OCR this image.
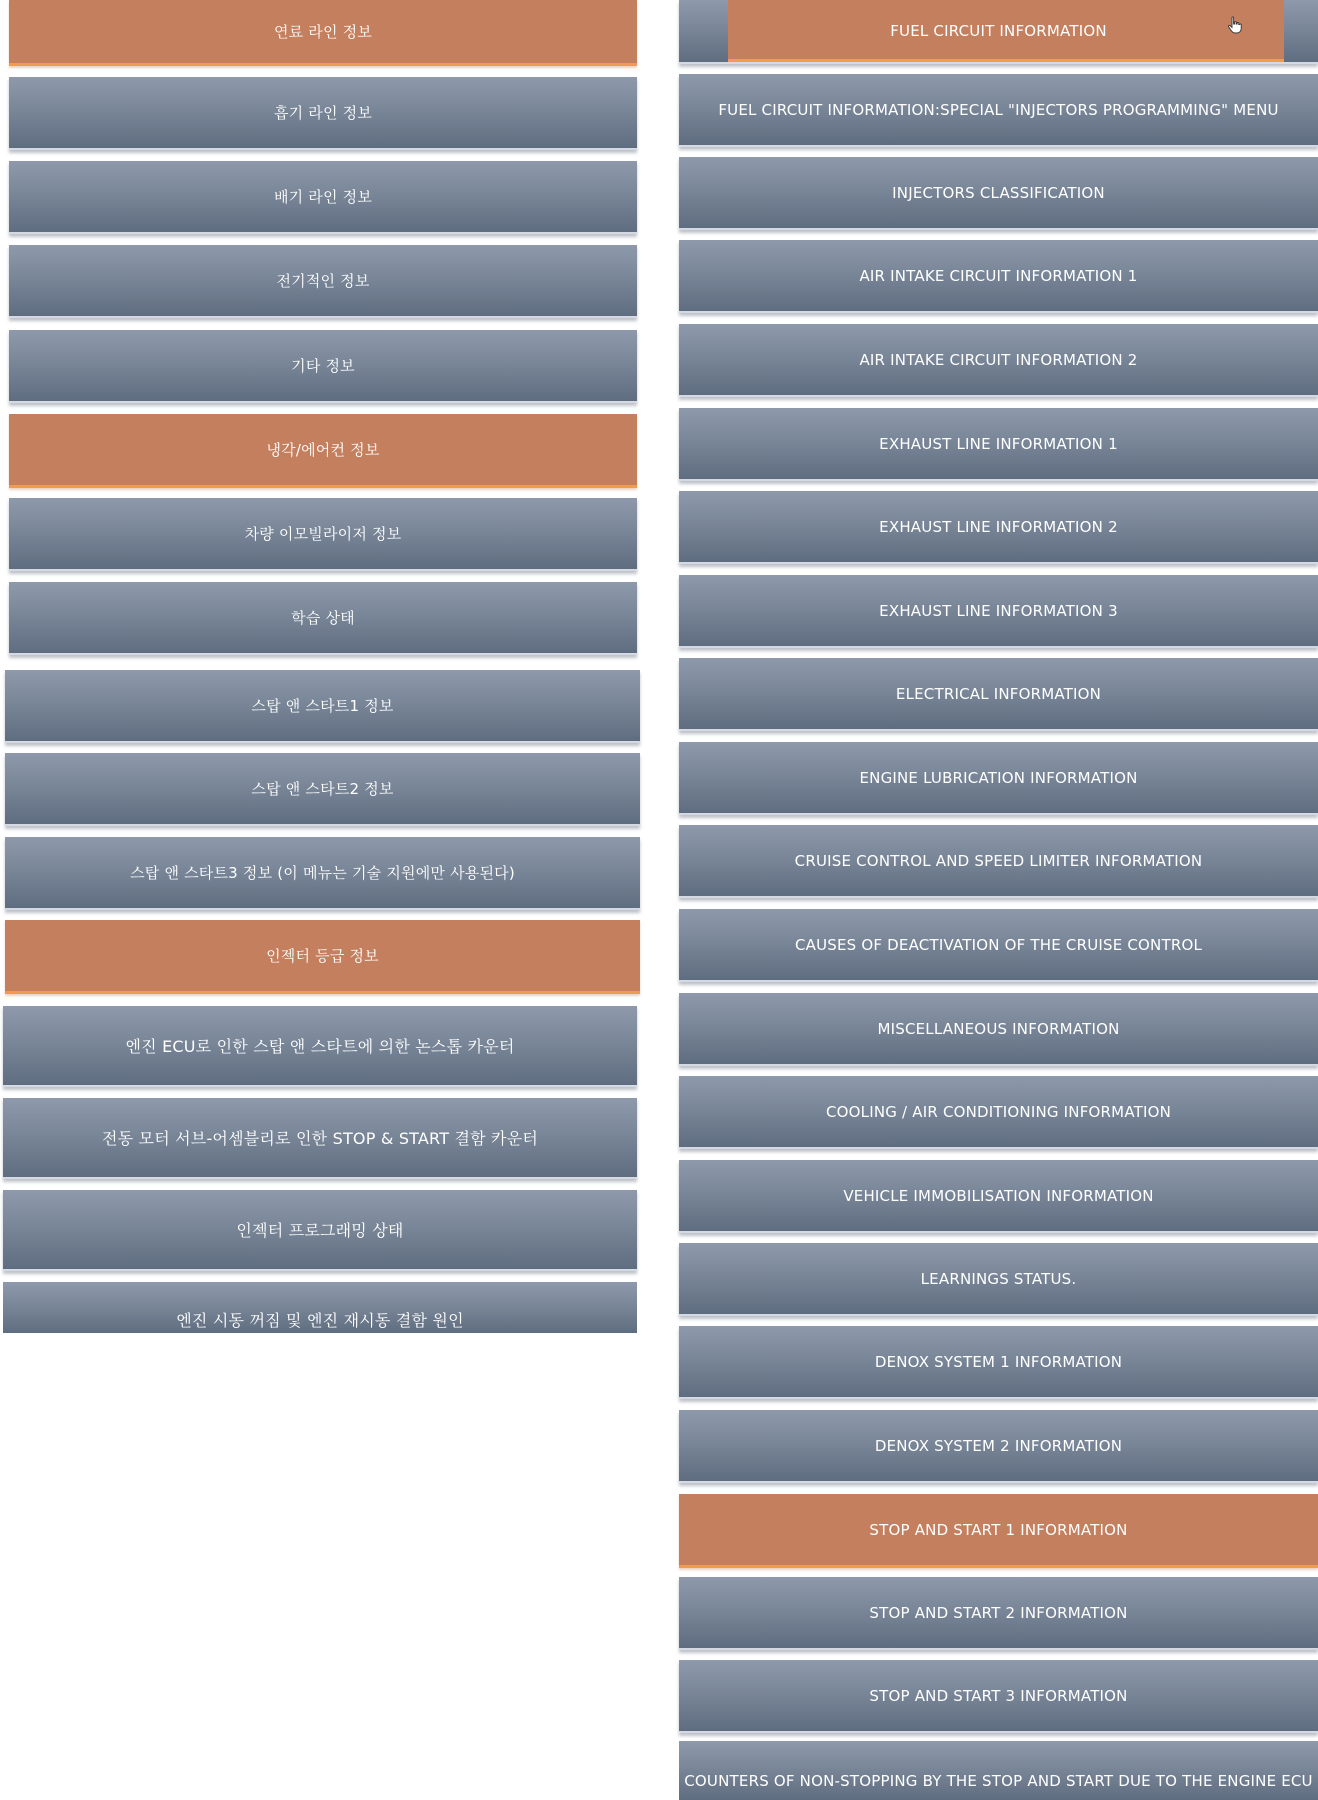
연료 라인 정보
흡기 라인 정보
배기 라인 정보
전기적인 정보
기타 정보
냉각/에어컨 정보
차량 이모빌라이저 정보
학습 상태
스탑 앤 스타트1 정보
스탑 앤 스타트2 정보
스탑 앤 스타트3 정보 (이 메뉴는 기술 지원에만 사용된다)
인젝터 등급 정보
엔진 ECU로 인한 스탑 앤 스타트에 의한 논스톱 카운터
전동 모터 서브-어셈블리로 인한 STOP & START 결함 카운터
인젝터 프로그래밍 상태
엔진 시동 꺼짐 및 엔진 재시동 결함 원인
FUEL CIRCUIT INFORMATION
FUEL CIRCUIT INFORMATION:SPECIAL "INJECTORS PROGRAMMING" MENU
INJECTORS CLASSIFICATION
AIR INTAKE CIRCUIT INFORMATION 1
AIR INTAKE CIRCUIT INFORMATION 2
EXHAUST LINE INFORMATION 1
EXHAUST LINE INFORMATION 2
EXHAUST LINE INFORMATION 3
ELECTRICAL INFORMATION
ENGINE LUBRICATION INFORMATION
CRUISE CONTROL AND SPEED LIMITER INFORMATION
CAUSES OF DEACTIVATION OF THE CRUISE CONTROL
MISCELLANEOUS INFORMATION
COOLING / AIR CONDITIONING INFORMATION
VEHICLE IMMOBILISATION INFORMATION
LEARNINGS STATUS.
DENOX SYSTEM 1 INFORMATION
DENOX SYSTEM 2 INFORMATION
STOP AND START 1 INFORMATION
STOP AND START 2 INFORMATION
STOP AND START 3 INFORMATION
COUNTERS OF NON-STOPPING BY THE STOP AND START DUE TO THE ENGINE ECU
